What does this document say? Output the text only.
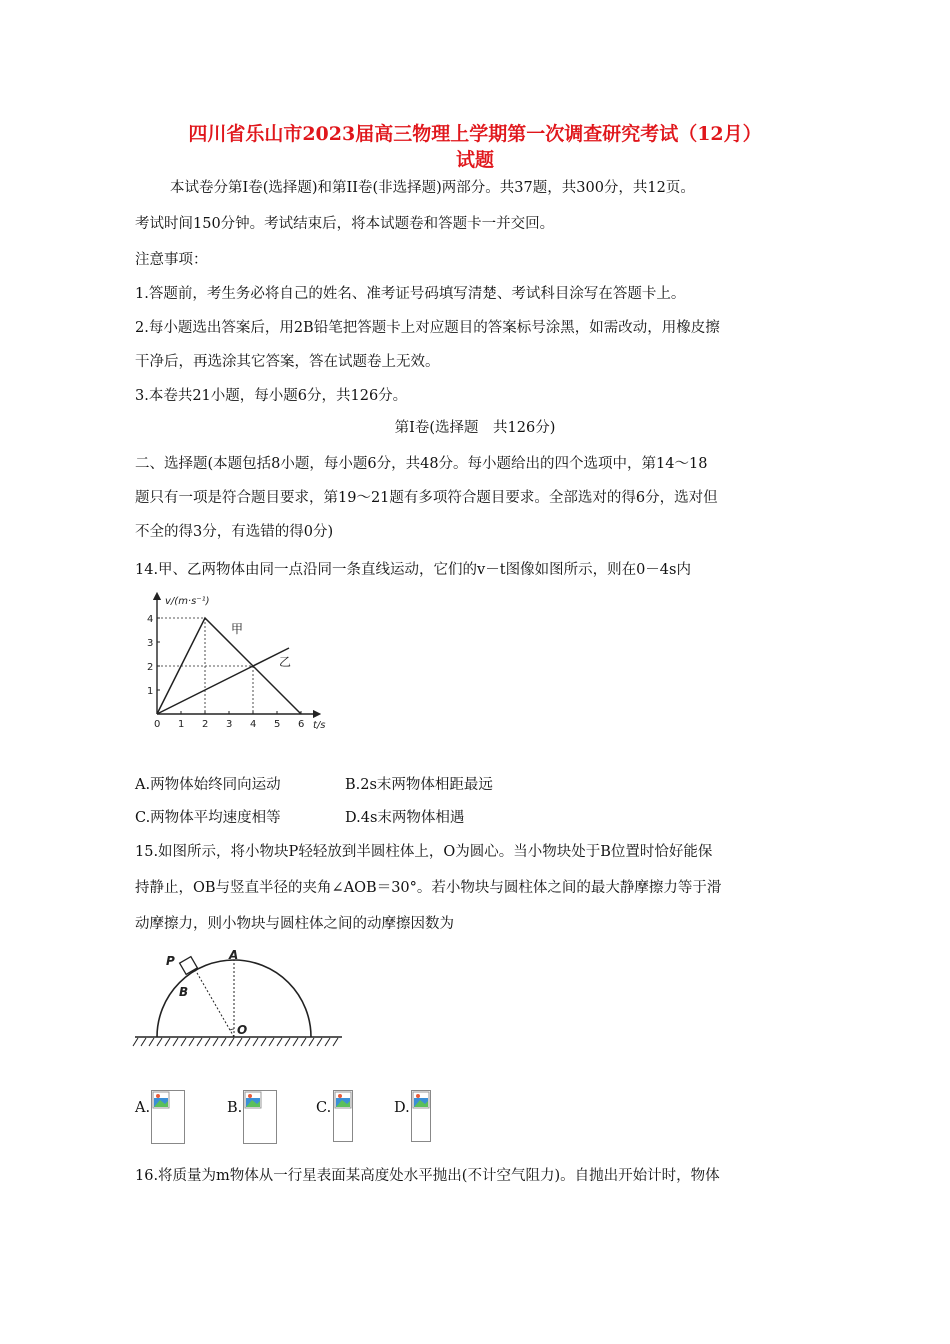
四川省乐山市2023届高三物理上学期第一次调查研究考试（12月）
试题
本试卷分第Ⅰ卷(选择题)和第II卷(非选择题)两部分。共37题，共300分，共12页。
考试时间150分钟。考试结束后，将本试题卷和答题卡一并交回。
注意事项：
1.答题前，考生务必将自己的姓名、准考证号码填写清楚、考试科目涂写在答题卡上。
2.每小题选出答案后，用2B铅笔把答题卡上对应题目的答案标号涂黑，如需改动，用橡皮擦
干净后，再选涂其它答案，答在试题卷上无效。
3.本卷共21小题，每小题6分，共126分。
第Ⅰ卷(选择题　共126分)
二、选择题(本题包括8小题，每小题6分，共48分。每小题给出的四个选项中，第14～18
题只有一项是符合题目要求，第19～21题有多项符合题目要求。全部选对的得6分，选对但
不全的得3分，有选错的得0分)
14.甲、乙两物体由同一点沿同一条直线运动，它们的v－t图像如图所示，则在0－4s内
v/(m·s⁻¹)
t/s
0 1 2 3 4 5 6
1
2
3
4
甲
乙
A.两物体始终同向运动	B.2s末两物体相距最远
C.两物体平均速度相等	D.4s末两物体相遇
15.如图所示，将小物块P轻轻放到半圆柱体上，O为圆心。当小物块处于B位置时恰好能保
持静止，OB与竖直半径的夹角∠AOB＝30°。若小物块与圆柱体之间的最大静摩擦力等于滑
动摩擦力，则小物块与圆柱体之间的动摩擦因数为
P	A
B
O
A.	B.	C.	D.
16.将质量为m物体从一行星表面某高度处水平抛出(不计空气阻力)。自抛出开始计时，物体
